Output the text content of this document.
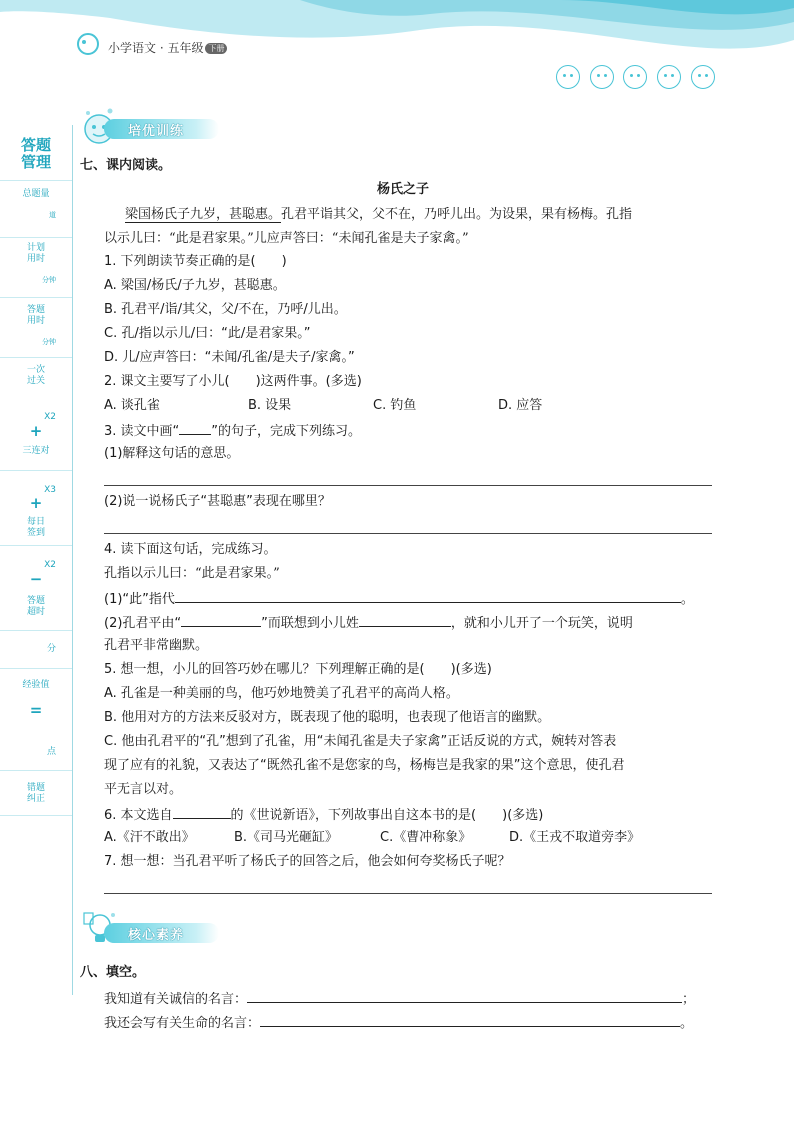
小学语文 · 五年级 下册
答题
管理
总题量
道
计划
用时
分钟
答题
用时
分钟
一次
过关
X2
+
三连对
X3
+
每日
签到
X2
−
答题
超时
分
经验值
=
点
错题
纠正
培优训练
七、课内阅读。
杨氏之子
梁国杨氏子九岁，甚聪惠。孔君平诣其父，父不在，乃呼儿出。为设果，果有杨梅。孔指
以示儿曰：“此是君家果。”儿应声答曰：“未闻孔雀是夫子家禽。”
1. 下列朗读节奏正确的是(　　)
A. 梁国/杨氏/子九岁，甚聪惠。
B. 孔君平/诣/其父，父/不在，乃呼/儿出。
C. 孔/指以示儿/曰：“此/是君家果。”
D. 儿/应声答曰：“未闻/孔雀/是夫子/家禽。”
2. 课文主要写了小儿(　　)这两件事。(多选)
A. 谈孔雀	B. 设果	C. 钓鱼	D. 应答
3. 读文中画“ ”的句子，完成下列练习。
(1)解释这句话的意思。
(2)说一说杨氏子“甚聪惠”表现在哪里？
4. 读下面这句话，完成练习。
孔指以示儿曰：“此是君家果。”
(1)“此”指代	。
(2)孔君平由“	”而联想到小儿姓	，就和小儿开了一个玩笑，说明
孔君平非常幽默。
5. 想一想，小儿的回答巧妙在哪儿？下列理解正确的是(　　)(多选)
A. 孔雀是一种美丽的鸟，他巧妙地赞美了孔君平的高尚人格。
B. 他用对方的方法来反驳对方，既表现了他的聪明，也表现了他语言的幽默。
C. 他由孔君平的“孔”想到了孔雀，用“未闻孔雀是夫子家禽”正话反说的方式，婉转对答表
现了应有的礼貌，又表达了“既然孔雀不是您家的鸟，杨梅岂是我家的果”这个意思，使孔君
平无言以对。
6. 本文选自	的《世说新语》，下列故事出自这本书的是(　　)(多选)
A.《汗不敢出》	B.《司马光砸缸》	C.《曹冲称象》	D.《王戎不取道旁李》
7. 想一想：当孔君平听了杨氏子的回答之后，他会如何夸奖杨氏子呢？
核心素养
八、填空。
我知道有关诚信的名言：	；
我还会写有关生命的名言：	。
